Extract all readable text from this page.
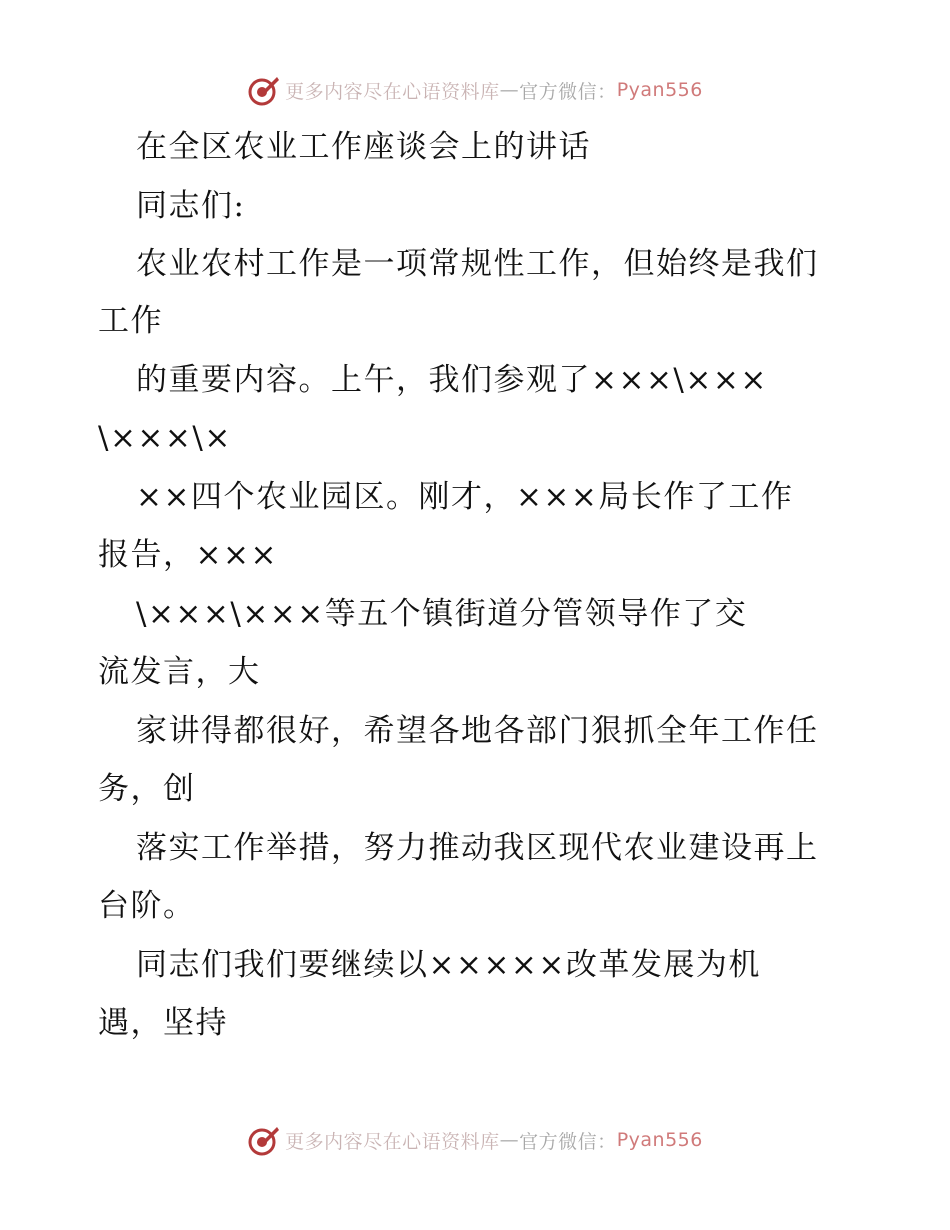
更多内容尽在心语资料库 — 官方微信： Pyan556
在全区农业工作座谈会上的讲话
同志们:
农业农村工作是一项常规性工作，但始终是我们
工作
的重要内容。上午，我们参观了×××\×××
\×××\×
××四个农业园区。刚才，×××局长作了工作
报告，×××
\×××\×××等五个镇街道分管领导作了交
流发言，大
家讲得都很好，希望各地各部门狠抓全年工作任
务，创
落实工作举措，努力推动我区现代农业建设再上
台阶。
同志们我们要继续以×××××改革发展为机
遇，坚持
更多内容尽在心语资料库 — 官方微信： Pyan556
